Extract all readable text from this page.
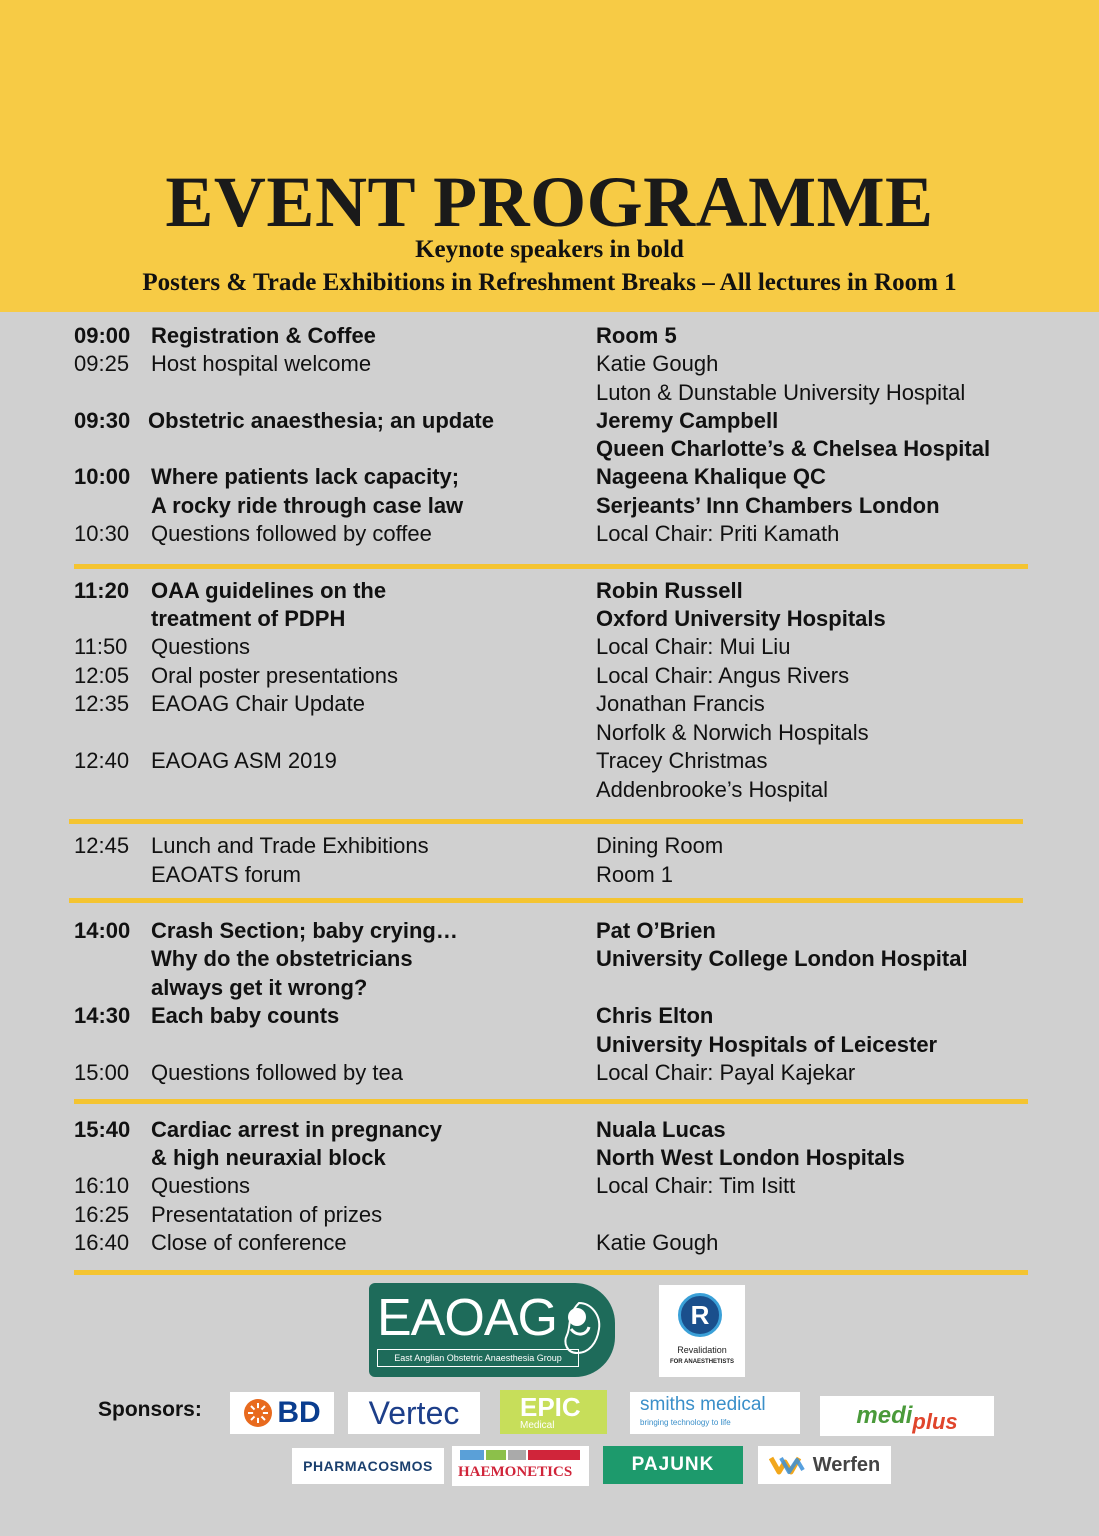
EVENT PROGRAMME
Keynote speakers in bold
Posters & Trade Exhibitions in Refreshment Breaks – All lectures in Room 1
09:00 Registration & Coffee	Room 5
09:25 Host hospital welcome	Katie Gough
Luton & Dunstable University Hospital
09:30 Obstetric anaesthesia; an update	Jeremy Campbell
Queen Charlotte’s & Chelsea Hospital
10:00 Where patients lack capacity;	Nageena Khalique QC
A rocky ride through case law	Serjeants’ Inn Chambers London
10:30 Questions followed by coffee	Local Chair: Priti Kamath
11:20 OAA guidelines on the	Robin Russell
treatment of PDPH	Oxford University Hospitals
11:50 Questions	Local Chair: Mui Liu
12:05 Oral poster presentations	Local Chair: Angus Rivers
12:35 EAOAG Chair Update	Jonathan Francis
Norfolk & Norwich Hospitals
12:40 EAOAG ASM 2019	Tracey Christmas
Addenbrooke’s Hospital
12:45 Lunch and Trade Exhibitions	Dining Room
EAOATS forum	Room 1
14:00 Crash Section; baby crying…	Pat O’Brien
Why do the obstetricians	University College London Hospital
always get it wrong?
14:30 Each baby counts	Chris Elton
University Hospitals of Leicester
15:00 Questions followed by tea	Local Chair: Payal Kajekar
15:40 Cardiac arrest in pregnancy	Nuala Lucas
& high neuraxial block	North West London Hospitals
16:10 Questions	Local Chair: Tim Isitt
16:25 Presentatation of prizes
16:40 Close of conference	Katie Gough
EAOAG
East Anglian Obstetric Anaesthesia Group
R
Revalidation
FOR ANAESTHETISTS
Sponsors:	BD Vertec EPIC
Medical
smiths medical
bringing technology to life	medi plus
PHARMACOSMOS HAEMONETICS	PAJUNK	Werfen
